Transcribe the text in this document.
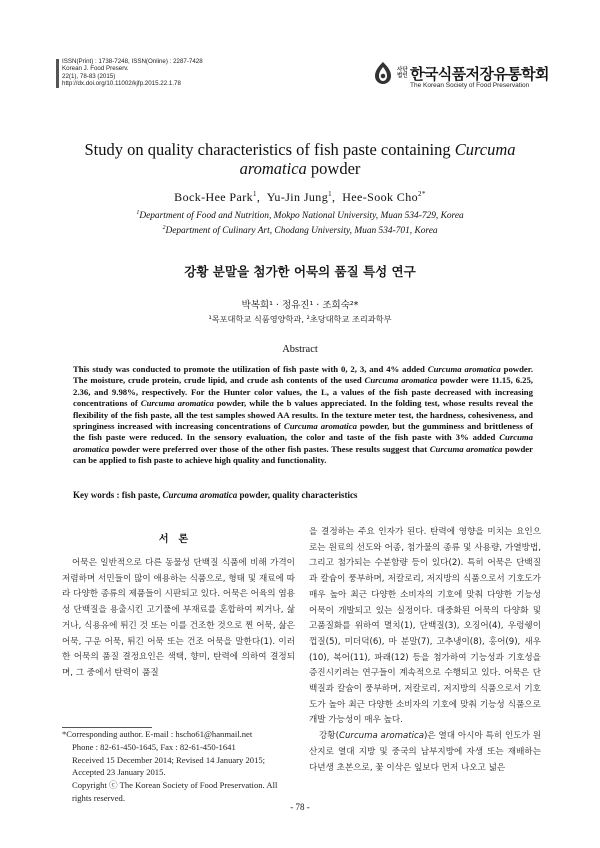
ISSN(Print) : 1738-7248, ISSN(Online) : 2287-7428
Korean J. Food Preserv.
22(1), 78-83 (2015)
http://dx.doi.org/10.11002/kjfp.2015.22.1.78
사단
법인 한국식품저장유통학회
The Korean Society of Food Preservation
Study on quality characteristics of fish paste containing Curcuma
aromatica powder
Bock-Hee Park$^1$,  Yu-Jin Jung$^1$,  Hee-Sook Cho$^{2*}$
$^1$Department of Food and Nutrition, Mokpo National University, Muan 534-729, Korea
$^2$Department of Culinary Art, Chodang University, Muan 534-701, Korea
강황 분말을 첨가한 어묵의 품질 특성 연구
박복희¹ · 정유진¹ · 조희숙²*
¹목포대학교 식품영양학과, ²초당대학교 조리과학부
Abstract
This study was conducted to promote the utilization of fish paste with 0, 2, 3, and 4% added Curcuma aromatica powder. The moisture, crude protein, crude lipid, and crude ash contents of the used Curcuma aromatica powder were 11.15, 6.25, 2.36, and 9.98%, respectively. For the Hunter color values, the L, a values of the fish paste decreased with increasing concentrations of Curcuma aromatica powder, while the b values appreciated. In the folding test, whose results reveal the flexibility of the fish paste, all the test samples showed AA results. In the texture meter test, the hardness, cohesiveness, and springiness increased with increasing concentrations of Curcuma aromatica powder, but the gumminess and brittleness of the fish paste were reduced. In the sensory evaluation, the color and taste of the fish paste with 3% added Curcuma aromatica powder were preferred over those of the other fish pastes. These results suggest that Curcuma aromatica powder can be applied to fish paste to achieve high quality and functionality.
Key words : fish paste, Curcuma aromatica powder, quality characteristics
서론

어묵은 일반적으로 다른 동물성 단백질 식품에 비해 가격이 저렴하며 서민들이 많이 애용하는 식품으로, 형태 및 재료에 따라 다양한 종류의 제품들이 시판되고 있다. 어묵은 어육의 염용성 단백질을 용출시킨 고기풀에 부재료를 혼합하여 찌거나, 삶거나, 식용유에 튀긴 것 또는 이를 건조한 것으로 찐 어묵, 삶은 어묵, 구운 어묵, 튀긴 어묵 또는 건조 어묵을 말한다(1). 이러한 어묵의 품질 결정요인은 색택, 향미, 탄력에 의하여 결정되며, 그 중에서 탄력이 품질

을 결정하는 주요 인자가 된다. 탄력에 영향을 미치는 요인으로는 원료의 선도와 어종, 첨가물의 종류 및 사용량, 가열방법, 그리고 첨가되는 수분함량 등이 있다(2). 특히 어묵은 단백질과 칼슘이 풍부하며, 저칼로리, 저지방의 식품으로서 기호도가 매우 높아 최근 다양한 소비자의 기호에 맞춰 다양한 기능성 어묵이 개발되고 있는 실정이다. 대중화된 어묵의 다양화 및 고품질화를 위하여 멸치(1), 단백질(3), 오징어(4), 우렁쉥이 껍질(5), 미더덕(6), 마 분말(7), 고추냉이(8), 홍어(9), 새우(10), 복어(11), 파래(12) 등을 첨가하여 기능성과 기호성을 증진시키려는 연구들이 계속적으로 수행되고 있다. 어묵은 단백질과 칼슘이 풍부하며, 저칼로리, 저지방의 식품으로서 기호도가 높아 최근 다양한 소비자의 기호에 맞춰 기능성 식품으로 개발 가능성이 매우 높다.

강황(Curcuma aromatica)은 열대 아시아 특히 인도가 원산지로 열대 지방 및 중국의 남부지방에 자생 또는 재배하는 다년생 초본으로, 꽃 이삭은 잎보다 먼저 나오고 넓은

*Corresponding author. E-mail : hscho61@hanmail.net
Phone : 82-61-450-1645, Fax : 82-61-450-1641
Received 15 December 2014; Revised 14 January 2015; Accepted 23 January 2015.
Copyright ⓒ The Korean Society of Food Preservation. All rights reserved.
- 78 -
